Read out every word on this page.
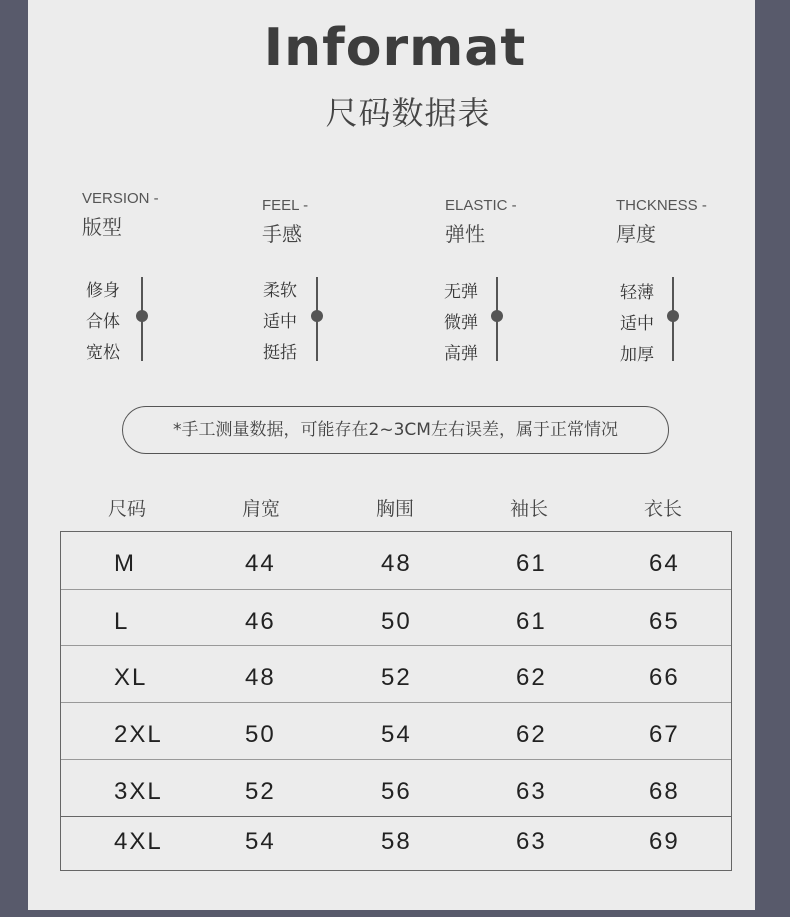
Informat
尺码数据表
VERSION -
版型
FEEL -
手感
ELASTIC -
弹性
THCKNESS -
厚度
修身
合体
宽松
柔软
适中
挺括
无弹
微弹
高弹
轻薄
适中
加厚
*手工测量数据，可能存在2~3CM左右误差，属于正常情况
尺码	肩宽	胸围	袖长	衣长
M	44	48	61	64
L	46	50	61	65
XL	48	52	62	66
2XL	50	54	62	67
3XL	52	56	63	68
4XL	54	58	63	69
